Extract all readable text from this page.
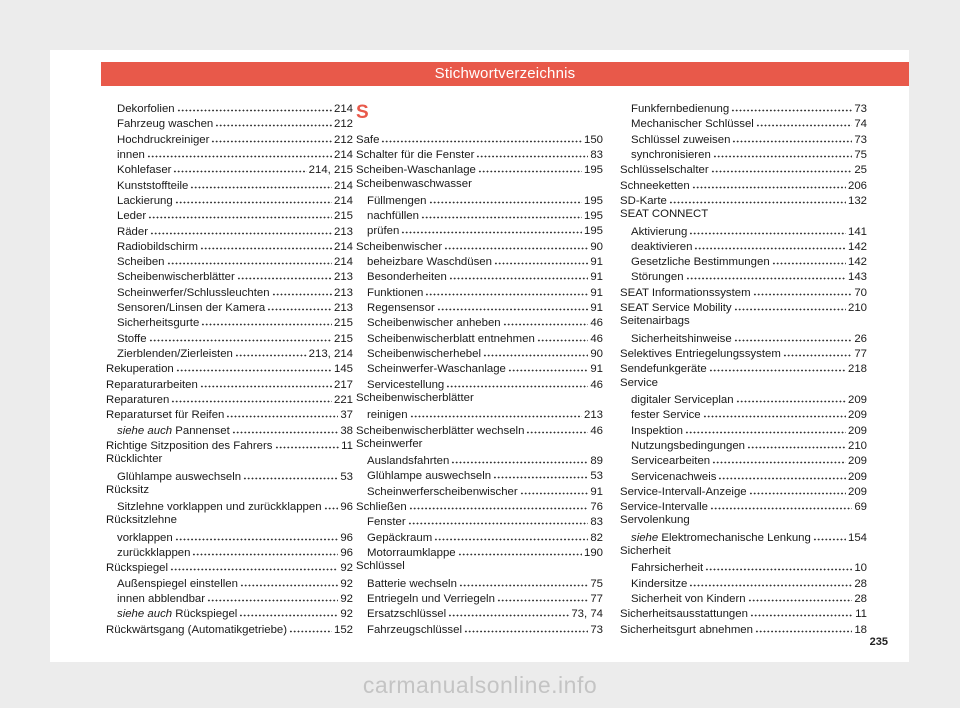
Stichwortverzeichnis
Dekorfolien	214
Fahrzeug waschen	212
Hochdruckreiniger	212
innen	214
Kohlefaser	214, 215
Kunststoffteile	214
Lackierung	214
Leder	215
Räder	213
Radiobildschirm	214
Scheiben	214
Scheibenwischerblätter	213
Scheinwerfer/Schlussleuchten	213
Sensoren/Linsen der Kamera	213
Sicherheitsgurte	215
Stoffe	215
Zierblenden/Zierleisten	213, 214
Rekuperation	145
Reparaturarbeiten	217
Reparaturen	221
Reparaturset für Reifen	37
siehe auch Pannenset	38
Richtige Sitzposition des Fahrers	11
Rücklichter
Glühlampe auswechseln	53
Rücksitz
Sitzlehne vorklappen und zurückklappen 96
Rücksitzlehne
vorklappen	96
zurückklappen	96
Rückspiegel	92
Außenspiegel einstellen	92
innen abblendbar	92
siehe auch Rückspiegel	92
Rückwärtsgang (Automatikgetriebe)	152
S
Safe	150
Schalter für die Fenster	83
Scheiben-Waschanlage	195
Scheibenwaschwasser
Füllmengen	195
nachfüllen	195
prüfen	195
Scheibenwischer	90
beheizbare Waschdüsen	91
Besonderheiten	91
Funktionen	91
Regensensor	91
Scheibenwischer anheben	46
Scheibenwischerblatt entnehmen	46
Scheibenwischerhebel	90
Scheinwerfer-Waschanlage	91
Servicestellung	46
Scheibenwischerblätter
reinigen	213
Scheibenwischerblätter wechseln	46
Scheinwerfer
Auslandsfahrten	89
Glühlampe auswechseln	53
Scheinwerferscheibenwischer	91
Schließen	76
Fenster	83
Gepäckraum	82
Motorraumklappe	190
Schlüssel
Batterie wechseln	75
Entriegeln und Verriegeln	77
Ersatzschlüssel	73, 74
Fahrzeugschlüssel	73
Funkfernbedienung	73
Mechanischer Schlüssel	74
Schlüssel zuweisen	73
synchronisieren	75
Schlüsselschalter	25
Schneeketten	206
SD-Karte	132
SEAT CONNECT
Aktivierung	141
deaktivieren	142
Gesetzliche Bestimmungen	142
Störungen	143
SEAT Informationssystem	70
SEAT Service Mobility	210
Seitenairbags
Sicherheitshinweise	26
Selektives Entriegelungssystem	77
Sendefunkgeräte	218
Service
digitaler Serviceplan	209
fester Service	209
Inspektion	209
Nutzungsbedingungen	210
Servicearbeiten	209
Servicenachweis	209
Service-Intervall-Anzeige	209
Service-Intervalle	69
Servolenkung
siehe Elektromechanische Lenkung	154
Sicherheit
Fahrsicherheit	10
Kindersitze	28
Sicherheit von Kindern	28
Sicherheitsausstattungen	11
Sicherheitsgurt abnehmen	18
235
carmanualsonline.info
